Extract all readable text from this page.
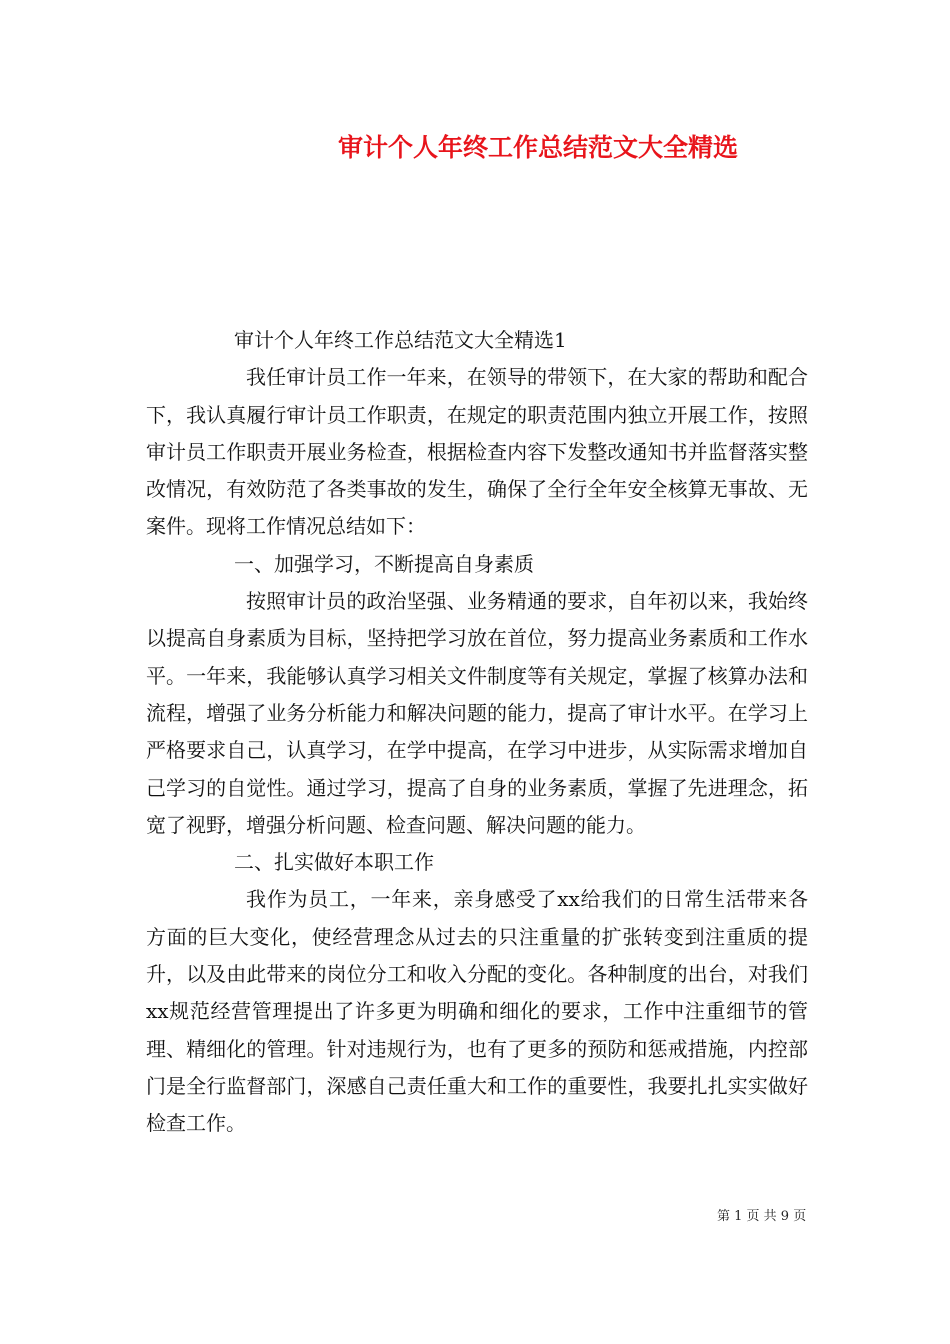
审计个人年终工作总结范文大全精选

审计个人年终工作总结范文大全精选1

我任审计员工作一年来，在领导的带领下，在大家的帮助和配合下，我认真履行审计员工作职责，在规定的职责范围内独立开展工作，按照审计员工作职责开展业务检查，根据检查内容下发整改通知书并监督落实整改情况，有效防范了各类事故的发生，确保了全行全年安全核算无事故、无案件。现将工作情况总结如下：

一、加强学习，不断提高自身素质

按照审计员的政治坚强、业务精通的要求，自年初以来，我始终以提高自身素质为目标，坚持把学习放在首位，努力提高业务素质和工作水平。一年来，我能够认真学习相关文件制度等有关规定，掌握了核算办法和流程，增强了业务分析能力和解决问题的能力，提高了审计水平。在学习上严格要求自己，认真学习，在学中提高，在学习中进步，从实际需求增加自己学习的自觉性。通过学习，提高了自身的业务素质，掌握了先进理念，拓宽了视野，增强分析问题、检查问题、解决问题的能力。

二、扎实做好本职工作

我作为员工，一年来，亲身感受了xx给我们的日常生活带来各方面的巨大变化，使经营理念从过去的只注重量的扩张转变到注重质的提升，以及由此带来的岗位分工和收入分配的变化。各种制度的出台，对我们xx规范经营管理提出了许多更为明确和细化的要求，工作中注重细节的管理、精细化的管理。针对违规行为，也有了更多的预防和惩戒措施，内控部门是全行监督部门，深感自己责任重大和工作的重要性，我要扎扎实实做好检查工作。

第 1 页 共 9 页
